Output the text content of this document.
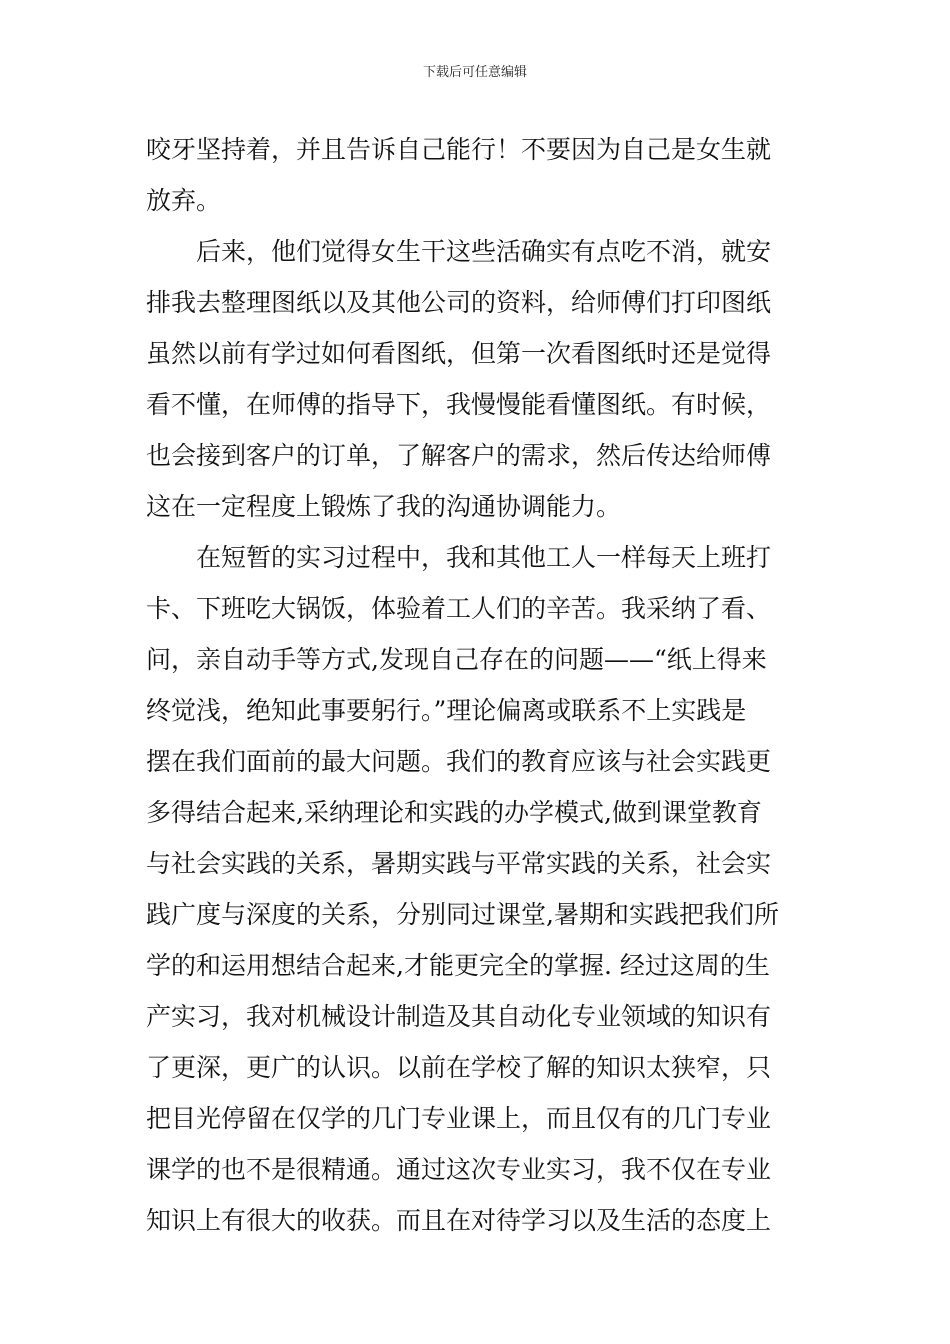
下载后可任意编辑
咬牙坚持着，并且告诉自己能行！不要因为自己是女生就
放弃。
　　后来，他们觉得女生干这些活确实有点吃不消，就安
排我去整理图纸以及其他公司的资料，给师傅们打印图纸
虽然以前有学过如何看图纸，但第一次看图纸时还是觉得
看不懂，在师傅的指导下，我慢慢能看懂图纸。有时候，
也会接到客户的订单，了解客户的需求，然后传达给师傅
这在一定程度上锻炼了我的沟通协调能力。
　　在短暂的实习过程中，我和其他工人一样每天上班打
卡、下班吃大锅饭，体验着工人们的辛苦。我采纳了看、
问，亲自动手等方式,发现自己存在的问题——“纸上得来
终觉浅，绝知此事要躬行。”理论偏离或联系不上实践是
摆在我们面前的最大问题。我们的教育应该与社会实践更
多得结合起来,采纳理论和实践的办学模式,做到课堂教育
与社会实践的关系，暑期实践与平常实践的关系，社会实
践广度与深度的关系，分别同过课堂,暑期和实践把我们所
学的和运用想结合起来,才能更完全的掌握. 经过这周的生
产实习，我对机械设计制造及其自动化专业领域的知识有
了更深，更广的认识。以前在学校了解的知识太狭窄，只
把目光停留在仅学的几门专业课上，而且仅有的几门专业
课学的也不是很精通。通过这次专业实习，我不仅在专业
知识上有很大的收获。而且在对待学习以及生活的态度上
